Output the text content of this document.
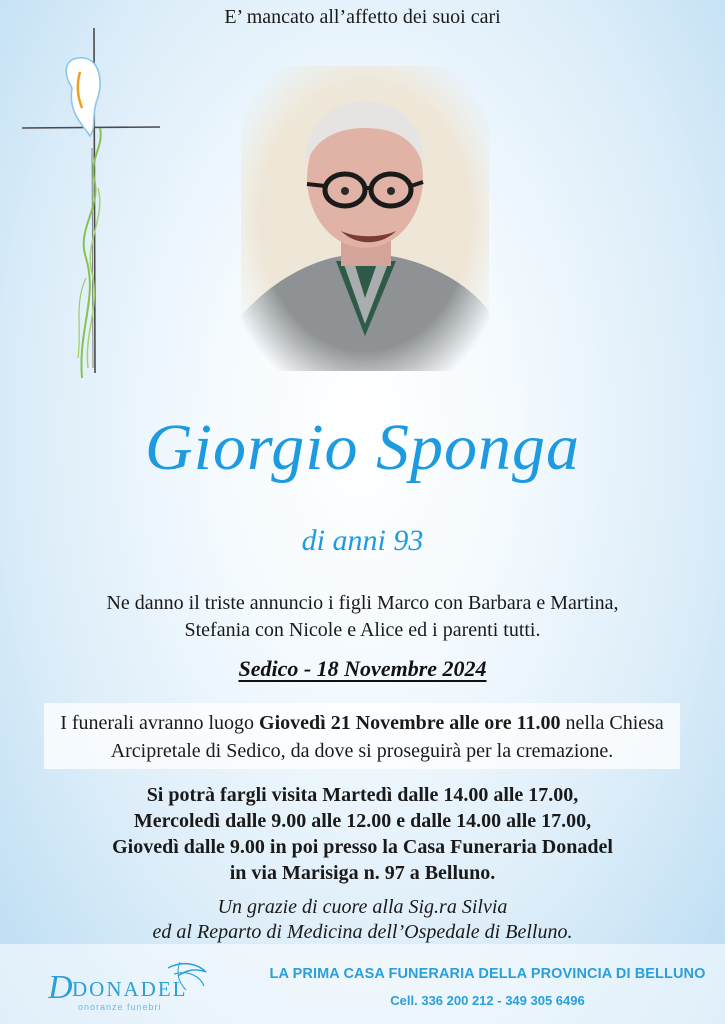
E’ mancato all’affetto dei suoi cari
Giorgio Sponga
di anni 93
Ne danno il triste annuncio i figli Marco con Barbara e Martina,
Stefania con Nicole e Alice ed i parenti tutti.
Sedico - 18 Novembre 2024
I funerali avranno luogo Giovedì 21 Novembre alle ore 11.00 nella Chiesa
Arcipretale di Sedico, da dove si proseguirà per la cremazione.
Si potrà fargli visita Martedì dalle 14.00 alle 17.00,
Mercoledì dalle 9.00 alle 12.00 e dalle 14.00 alle 17.00,
Giovedì dalle 9.00 in poi presso la Casa Funeraria Donadel
in via Marisiga n. 97 a Belluno.
Un grazie di cuore alla Sig.ra Silvia
ed al Reparto di Medicina dell’Ospedale di Belluno.
D DONADEL
onoranze funebri
LA PRIMA CASA FUNERARIA DELLA PROVINCIA DI BELLUNO
Cell. 336 200 212 - 349 305 6496
